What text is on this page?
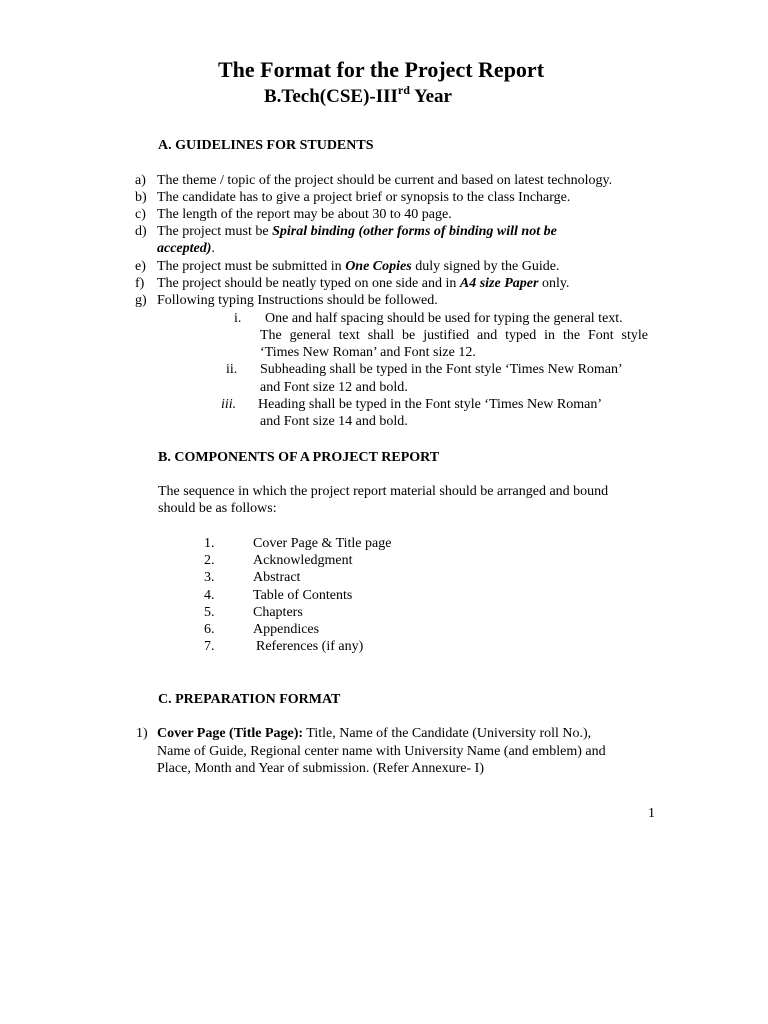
The Format for the Project Report
B.Tech(CSE)-IIIrd Year
A. GUIDELINES FOR STUDENTS
a) The theme / topic of the project should be current and based on latest technology.
b) The candidate has to give a project brief or synopsis to the class Incharge.
c) The length of the report may be about 30 to 40 page.
d) The project must be Spiral binding (other forms of binding will not be
accepted).
e) The project must be submitted in One Copies duly signed by the Guide.
f) The project should be neatly typed on one side and in A4 size Paper only.
g) Following typing Instructions should be followed.
i. One and half spacing should be used for typing the general text.
The general text shall be justified and typed in the Font style
‘Times New Roman’ and Font size 12.
ii. Subheading shall be typed in the Font style ‘Times New Roman’
and Font size 12 and bold.
iii. Heading shall be typed in the Font style ‘Times New Roman’
and Font size 14 and bold.
B. COMPONENTS OF A PROJECT REPORT
The sequence in which the project report material should be arranged and bound
should be as follows:
1.	Cover Page & Title page
2.	Acknowledgment
3.	Abstract
4.	Table of Contents
5.	Chapters
6.	Appendices
7.	References (if any)
C. PREPARATION FORMAT
1) Cover Page (Title Page): Title, Name of the Candidate (University roll No.),
Name of Guide, Regional center name with University Name (and emblem) and
Place, Month and Year of submission. (Refer Annexure- I)
1
